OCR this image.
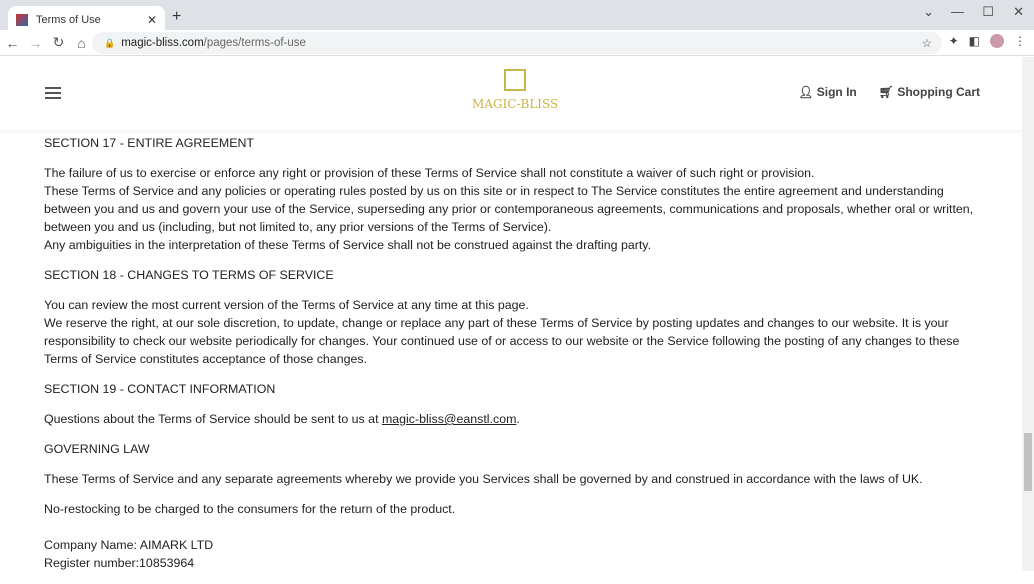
Terms of Use	✕ +	⌄ — ☐ ✕
← → ↻ ⌂	🔒 magic-bliss.com /pages/terms-of-use	☆ ✦ ◧	⋮
MAGIC-BLISS
👤︎ Sign In 🛒︎ Shopping Cart
SECTION 17 - ENTIRE AGREEMENT

The failure of us to exercise or enforce any right or provision of these Terms of Service shall not constitute a waiver of such right or provision.
These Terms of Service and any policies or operating rules posted by us on this site or in respect to The Service constitutes the entire agreement and understanding between you and us and govern your use of the Service, superseding any prior or contemporaneous agreements, communications and proposals, whether oral or written, between you and us (including, but not limited to, any prior versions of the Terms of Service).
Any ambiguities in the interpretation of these Terms of Service shall not be construed against the drafting party.

SECTION 18 - CHANGES TO TERMS OF SERVICE

You can review the most current version of the Terms of Service at any time at this page.
We reserve the right, at our sole discretion, to update, change or replace any part of these Terms of Service by posting updates and changes to our website. It is your responsibility to check our website periodically for changes. Your continued use of or access to our website or the Service following the posting of any changes to these Terms of Service constitutes acceptance of those changes.

SECTION 19 - CONTACT INFORMATION

Questions about the Terms of Service should be sent to us at magic-bliss@eanstl.com.

GOVERNING LAW

These Terms of Service and any separate agreements whereby we provide you Services shall be governed by and construed in accordance with the laws of UK.

No-restocking to be charged to the consumers for the return of the product.

Company Name: AIMARK LTD
Register number:10853964
